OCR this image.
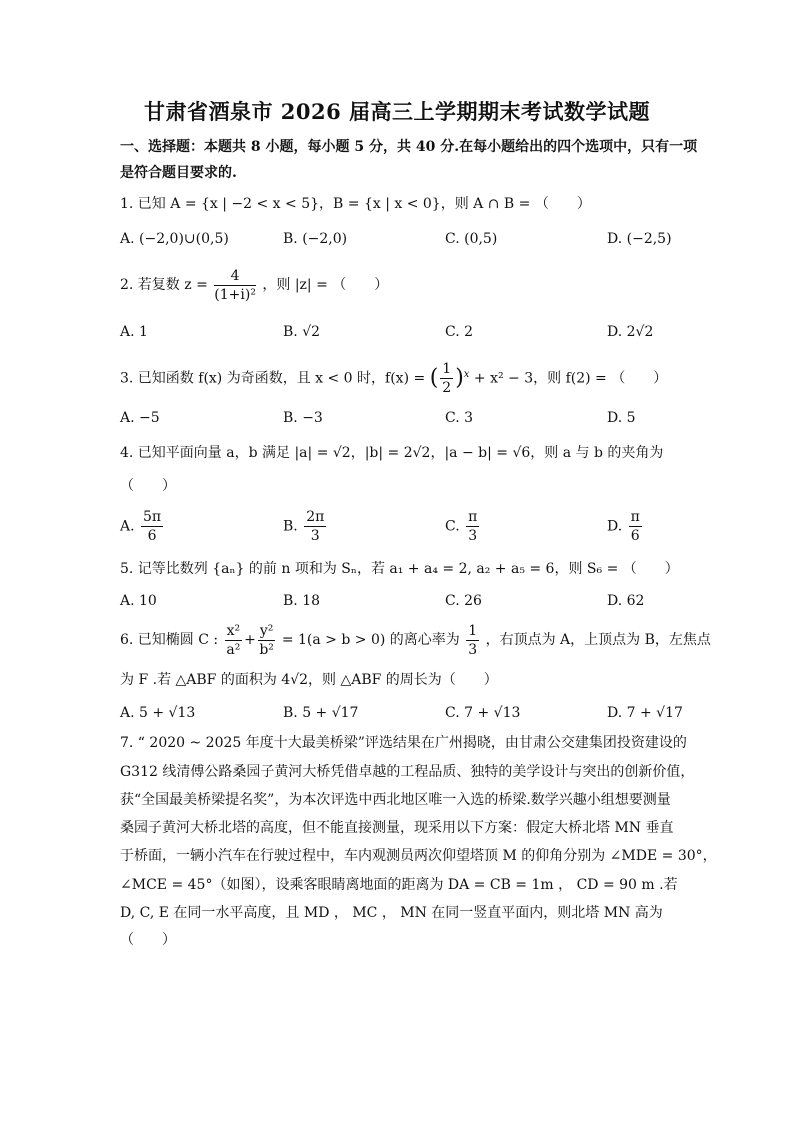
甘肃省酒泉市 2026 届高三上学期期末考试数学试题
一、选择题：本题共 8 小题，每小题 5 分，共 40 分.在每小题给出的四个选项中，只有一项
是符合题目要求的.
1. 已知 A = {x | −2 < x < 5}，B = {x | x < 0}，则 A ∩ B = （　　）
A. (−2,0)∪(0,5)	B. (−2,0)	C. (0,5)	D. (−2,5)
2. 若复数 $z = \frac{4}{\text{(1+i)²}}$ ，则 |z| = （　　）
A. 1	B. √2	C. 2	D. 2√2
3. 已知函数 f(x) 为奇函数，且 x < 0 时，f(x) = ( $\frac{1}{2} )^x + x^2 - 3$，则 f(2) = （　　）
A. −5	B. −3	C. 3	D. 5
4. 已知平面向量 a，b 满足 |a| = √2，|b| = 2√2，|a − b| = √6，则 a 与 b 的夹角为
（　　）
A. $\frac{5\pi}{6}$	B. $\frac{2\pi}{3}$	C. $\frac{\pi}{3}$	D. $\frac{\pi}{6}$
5. 记等比数列 {aₙ} 的前 n 项和为 Sₙ，若 a₁ + a₄ = 2, a₂ + a₅ = 6，则 S₆ = （　　）
A. 10	B. 18	C. 26	D. 62
6. 已知椭圆 C : $\frac{\text{x²}}{\text{a²}} + \frac{\text{y²}}{\text{b²}} = 1(a > b > 0)$ 的离心率为 $\frac{1}{3}$ ，右顶点为 A，上顶点为 B，左焦点
为 F .若 △ABF 的面积为 4√2，则 △ABF 的周长为（　　）
A. 5 + √13	B. 5 + √17	C. 7 + √13	D. 7 + √17
7. “ 2020 ~ 2025 年度十大最美桥梁”评选结果在广州揭晓，由甘肃公交建集团投资建设的
G312 线清傅公路桑园子黄河大桥凭借卓越的工程品质、独特的美学设计与突出的创新价值，
获“全国最美桥梁提名奖”，为本次评选中西北地区唯一入选的桥梁.数学兴趣小组想要测量
桑园子黄河大桥北塔的高度，但不能直接测量，现采用以下方案：假定大桥北塔 MN 垂直
于桥面，一辆小汽车在行驶过程中，车内观测员两次仰望塔顶 M 的仰角分别为 ∠MDE = 30°，
∠MCE = 45°（如图），设乘客眼睛离地面的距离为 DA = CB = 1m ， CD = 90 m .若
D, C, E 在同一水平高度，且 MD ， MC ， MN 在同一竖直平面内，则北塔 MN 高为
（　　）
